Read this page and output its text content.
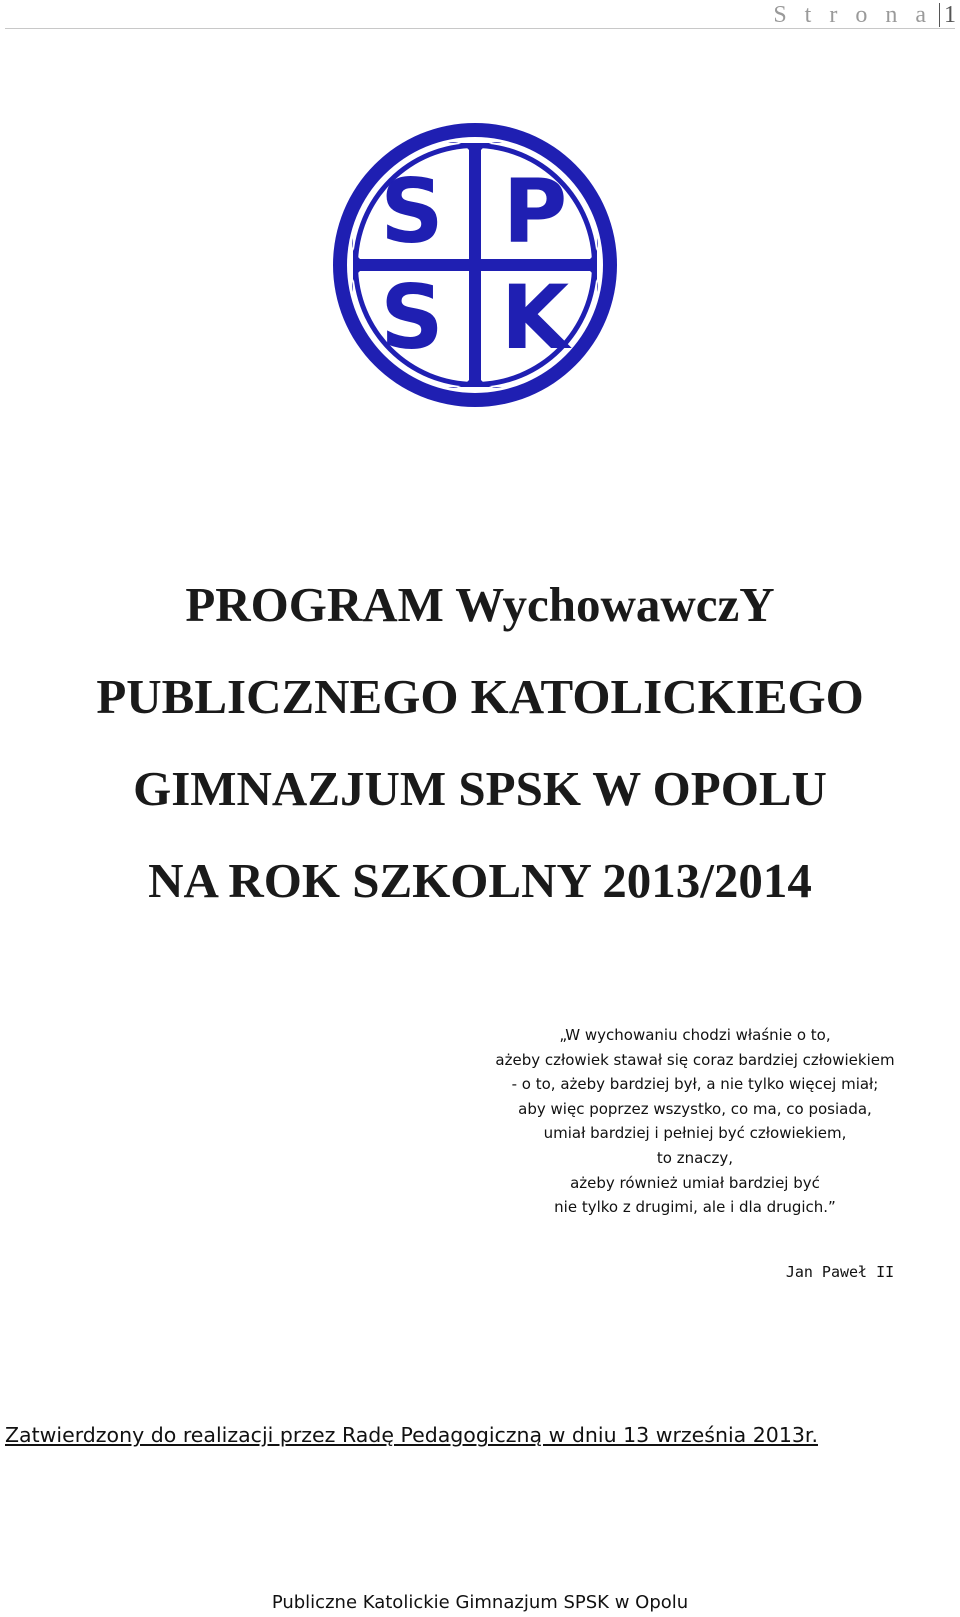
S t r o n a 1
S P
S K
PROGRAM WychowawczY
PUBLICZNEGO KATOLICKIEGO
GIMNAZJUM SPSK W OPOLU
NA ROK SZKOLNY 2013/2014
„W wychowaniu chodzi właśnie o to,
ażeby człowiek stawał się coraz bardziej człowiekiem
- o to, ażeby bardziej był, a nie tylko więcej miał;
aby więc poprzez wszystko, co ma, co posiada,
umiał bardziej i pełniej być człowiekiem,
to znaczy,
ażeby również umiał bardziej być
nie tylko z drugimi, ale i dla drugich.”
Jan Paweł II
Zatwierdzony do realizacji przez Radę Pedagogiczną w dniu 13 września 2013r.
Publiczne Katolickie Gimnazjum SPSK w Opolu
